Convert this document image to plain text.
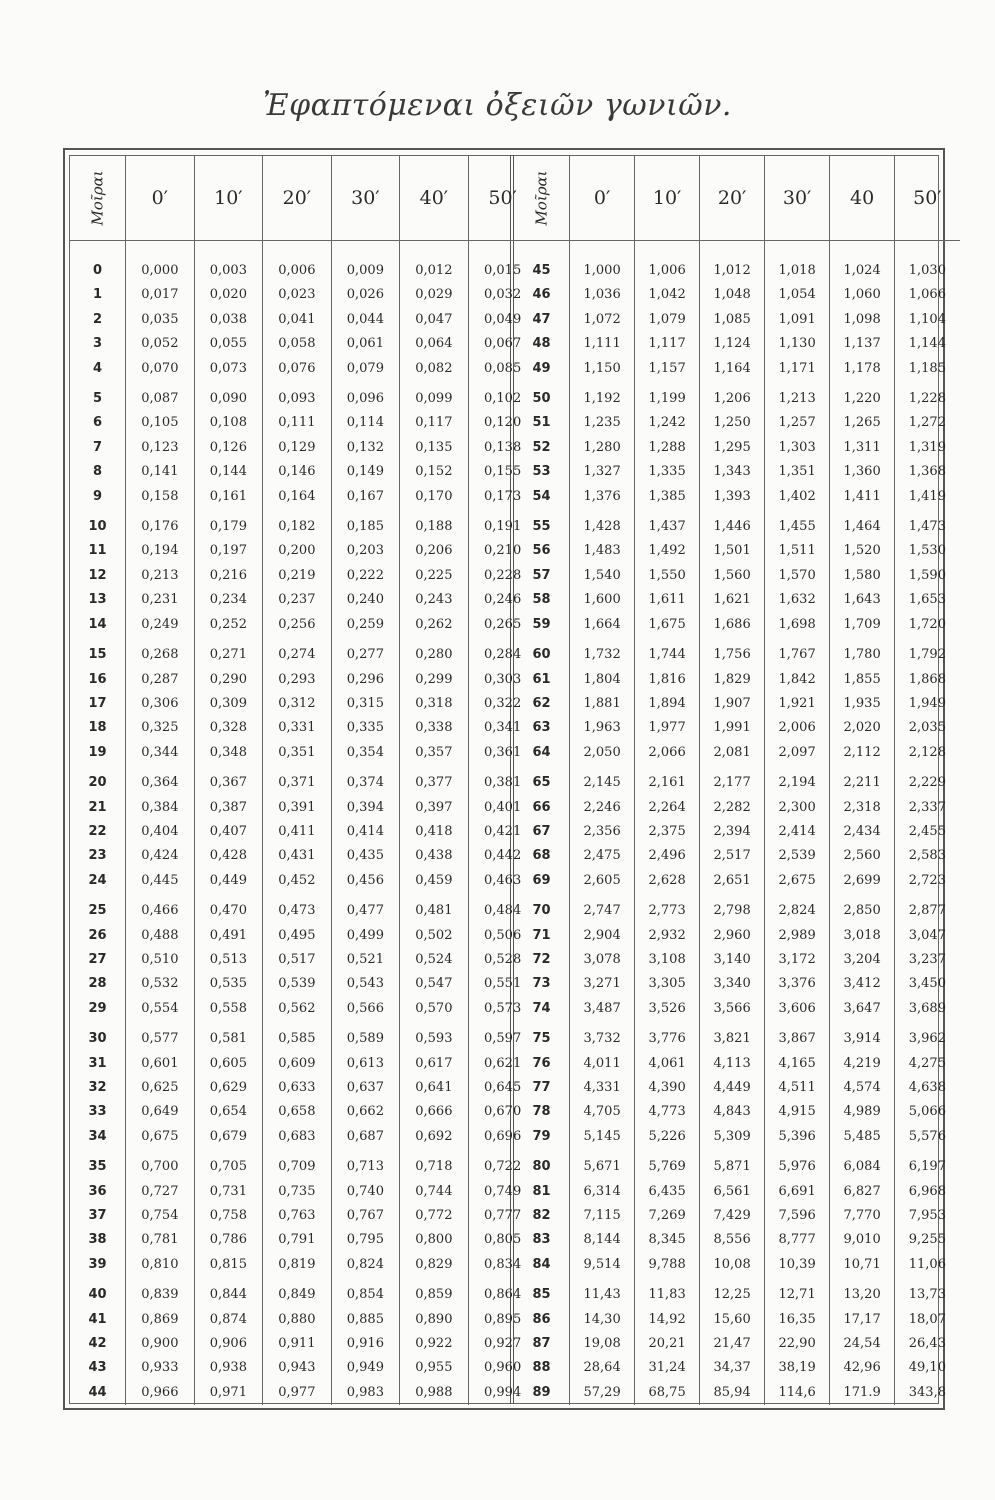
Ἐφαπτόμεναι ὀξειῶν γωνιῶν.
Μοῖραι	0′	10′	20′	30′	40′	50′

0	0,000	0,003	0,006	0,009	0,012	0,015
1	0,017	0,020	0,023	0,026	0,029	0,032
2	0,035	0,038	0,041	0,044	0,047	0,049
3	0,052	0,055	0,058	0,061	0,064	0,067
4	0,070	0,073	0,076	0,079	0,082	0,085
5	0,087	0,090	0,093	0,096	0,099	0,102
6	0,105	0,108	0,111	0,114	0,117	0,120
7	0,123	0,126	0,129	0,132	0,135	0,138
8	0,141	0,144	0,146	0,149	0,152	0,155
9	0,158	0,161	0,164	0,167	0,170	0,173
10	0,176	0,179	0,182	0,185	0,188	0,191
11	0,194	0,197	0,200	0,203	0,206	0,210
12	0,213	0,216	0,219	0,222	0,225	0,228
13	0,231	0,234	0,237	0,240	0,243	0,246
14	0,249	0,252	0,256	0,259	0,262	0,265
15	0,268	0,271	0,274	0,277	0,280	0,284
16	0,287	0,290	0,293	0,296	0,299	0,303
17	0,306	0,309	0,312	0,315	0,318	0,322
18	0,325	0,328	0,331	0,335	0,338	0,341
19	0,344	0,348	0,351	0,354	0,357	0,361
20	0,364	0,367	0,371	0,374	0,377	0,381
21	0,384	0,387	0,391	0,394	0,397	0,401
22	0,404	0,407	0,411	0,414	0,418	0,421
23	0,424	0,428	0,431	0,435	0,438	0,442
24	0,445	0,449	0,452	0,456	0,459	0,463
25	0,466	0,470	0,473	0,477	0,481	0,484
26	0,488	0,491	0,495	0,499	0,502	0,506
27	0,510	0,513	0,517	0,521	0,524	0,528
28	0,532	0,535	0,539	0,543	0,547	0,551
29	0,554	0,558	0,562	0,566	0,570	0,573
30	0,577	0,581	0,585	0,589	0,593	0,597
31	0,601	0,605	0,609	0,613	0,617	0,621
32	0,625	0,629	0,633	0,637	0,641	0,645
33	0,649	0,654	0,658	0,662	0,666	0,670
34	0,675	0,679	0,683	0,687	0,692	0,696
35	0,700	0,705	0,709	0,713	0,718	0,722
36	0,727	0,731	0,735	0,740	0,744	0,749
37	0,754	0,758	0,763	0,767	0,772	0,777
38	0,781	0,786	0,791	0,795	0,800	0,805
39	0,810	0,815	0,819	0,824	0,829	0,834
40	0,839	0,844	0,849	0,854	0,859	0,864
41	0,869	0,874	0,880	0,885	0,890	0,895
42	0,900	0,906	0,911	0,916	0,922	0,927
43	0,933	0,938	0,943	0,949	0,955	0,960
44	0,966	0,971	0,977	0,983	0,988	0,994
Μοῖραι	0′	10′	20′	30′	40	50′

45	1,000	1,006	1,012	1,018	1,024	1,030
46	1,036	1,042	1,048	1,054	1,060	1,066
47	1,072	1,079	1,085	1,091	1,098	1,104
48	1,111	1,117	1,124	1,130	1,137	1,144
49	1,150	1,157	1,164	1,171	1,178	1,185
50	1,192	1,199	1,206	1,213	1,220	1,228
51	1,235	1,242	1,250	1,257	1,265	1,272
52	1,280	1,288	1,295	1,303	1,311	1,319
53	1,327	1,335	1,343	1,351	1,360	1,368
54	1,376	1,385	1,393	1,402	1,411	1,419
55	1,428	1,437	1,446	1,455	1,464	1,473
56	1,483	1,492	1,501	1,511	1,520	1,530
57	1,540	1,550	1,560	1,570	1,580	1,590
58	1,600	1,611	1,621	1,632	1,643	1,653
59	1,664	1,675	1,686	1,698	1,709	1,720
60	1,732	1,744	1,756	1,767	1,780	1,792
61	1,804	1,816	1,829	1,842	1,855	1,868
62	1,881	1,894	1,907	1,921	1,935	1,949
63	1,963	1,977	1,991	2,006	2,020	2,035
64	2,050	2,066	2,081	2,097	2,112	2,128
65	2,145	2,161	2,177	2,194	2,211	2,229
66	2,246	2,264	2,282	2,300	2,318	2,337
67	2,356	2,375	2,394	2,414	2,434	2,455
68	2,475	2,496	2,517	2,539	2,560	2,583
69	2,605	2,628	2,651	2,675	2,699	2,723
70	2,747	2,773	2,798	2,824	2,850	2,877
71	2,904	2,932	2,960	2,989	3,018	3,047
72	3,078	3,108	3,140	3,172	3,204	3,237
73	3,271	3,305	3,340	3,376	3,412	3,450
74	3,487	3,526	3,566	3,606	3,647	3,689
75	3,732	3,776	3,821	3,867	3,914	3,962
76	4,011	4,061	4,113	4,165	4,219	4,275
77	4,331	4,390	4,449	4,511	4,574	4,638
78	4,705	4,773	4,843	4,915	4,989	5,066
79	5,145	5,226	5,309	5,396	5,485	5,576
80	5,671	5,769	5,871	5,976	6,084	6,197
81	6,314	6,435	6,561	6,691	6,827	6,968
82	7,115	7,269	7,429	7,596	7,770	7,953
83	8,144	8,345	8,556	8,777	9,010	9,255
84	9,514	9,788	10,08	10,39	10,71	11,06
85	11,43	11,83	12,25	12,71	13,20	13,73
86	14,30	14,92	15,60	16,35	17,17	18,07
87	19,08	20,21	21,47	22,90	24,54	26,43
88	28,64	31,24	34,37	38,19	42,96	49,10
89	57,29	68,75	85,94	114,6	171.9	343,8
